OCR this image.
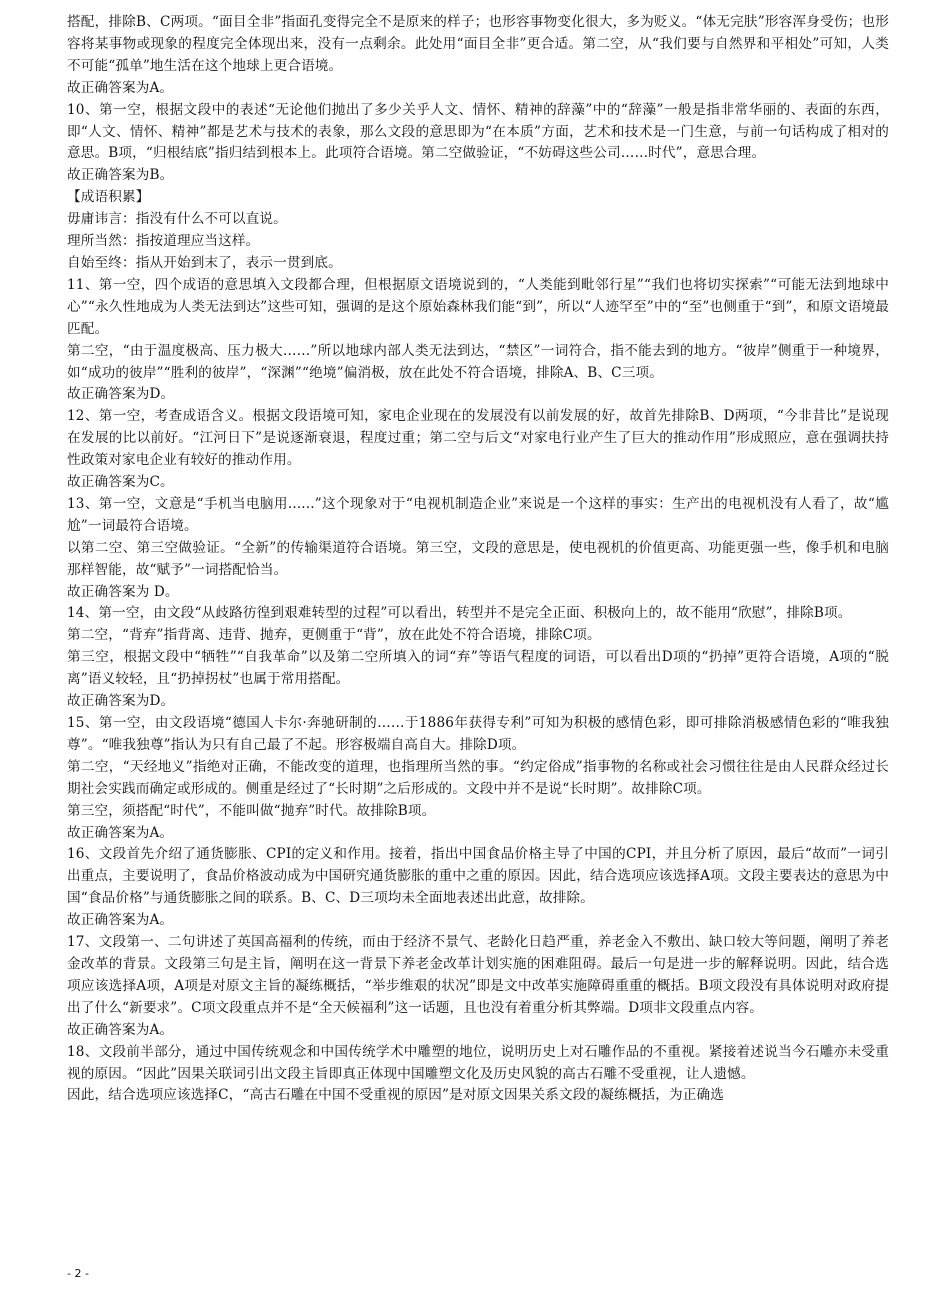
搭配，排除B、C两项。“面目全非”指面孔变得完全不是原来的样子；也形容事物变化很大，多为贬义。“体无完肤”形容浑身受伤；也形容将某事物或现象的程度完全体现出来，没有一点剩余。此处用“面目全非”更合适。第二空，从“我们要与自然界和平相处”可知，人类不可能“孤单”地生活在这个地球上更合语境。

故正确答案为A。

10、第一空，根据文段中的表述“无论他们抛出了多少关乎人文、情怀、精神的辞藻”中的“辞藻”一般是指非常华丽的、表面的东西，即“人文、情怀、精神”都是艺术与技术的表象，那么文段的意思即为“在本质”方面，艺术和技术是一门生意，与前一句话构成了相对的意思。B项，“归根结底”指归结到根本上。此项符合语境。第二空做验证，“不妨碍这些公司……时代”，意思合理。

故正确答案为B。

【成语积累】

毋庸讳言：指没有什么不可以直说。

理所当然：指按道理应当这样。

自始至终：指从开始到末了，表示一贯到底。

11、第一空，四个成语的意思填入文段都合理，但根据原文语境说到的，“人类能到毗邻行星”“我们也将切实探索”“可能无法到地球中心”“永久性地成为人类无法到达”这些可知，强调的是这个原始森林我们能“到”，所以“人迹罕至”中的“至”也侧重于“到”，和原文语境最匹配。

第二空，“由于温度极高、压力极大……”所以地球内部人类无法到达，“禁区”一词符合，指不能去到的地方。“彼岸”侧重于一种境界，如“成功的彼岸”“胜利的彼岸”，“深渊”“绝境”偏消极，放在此处不符合语境，排除A、B、C三项。

故正确答案为D。

12、第一空，考查成语含义。根据文段语境可知，家电企业现在的发展没有以前发展的好，故首先排除B、D两项，“今非昔比”是说现在发展的比以前好。“江河日下”是说逐渐衰退，程度过重；第二空与后文“对家电行业产生了巨大的推动作用”形成照应，意在强调扶持性政策对家电企业有较好的推动作用。

故正确答案为C。

13、第一空，文意是“手机当电脑用......”这个现象对于“电视机制造企业”来说是一个这样的事实：生产出的电视机没有人看了，故“尴尬”一词最符合语境。

以第二空、第三空做验证。“全新”的传输渠道符合语境。第三空，文段的意思是，使电视机的价值更高、功能更强一些，像手机和电脑那样智能，故“赋予”一词搭配恰当。

故正确答案为 D。

14、第一空，由文段“从歧路彷徨到艰难转型的过程”可以看出，转型并不是完全正面、积极向上的，故不能用“欣慰”，排除B项。

第二空，“背弃”指背离、违背、抛弃，更侧重于“背”，放在此处不符合语境，排除C项。

第三空，根据文段中“牺牲”“自我革命”以及第二空所填入的词“弃”等语气程度的词语，可以看出D项的“扔掉”更符合语境，A项的“脱离”语义较轻，且“扔掉拐杖”也属于常用搭配。

故正确答案为D。

15、第一空，由文段语境“德国人卡尔·奔驰研制的……于1886年获得专利”可知为积极的感情色彩，即可排除消极感情色彩的“唯我独尊”。“唯我独尊”指认为只有自己最了不起。形容极端自高自大。排除D项。

第二空，“天经地义”指绝对正确，不能改变的道理，也指理所当然的事。“约定俗成”指事物的名称或社会习惯往往是由人民群众经过长期社会实践而确定或形成的。侧重是经过了“长时期”之后形成的。文段中并不是说“长时期”。故排除C项。

第三空，须搭配“时代”，不能叫做“抛弃”时代。故排除B项。

故正确答案为A。

16、文段首先介绍了通货膨胀、CPI的定义和作用。接着，指出中国食品价格主导了中国的CPI，并且分析了原因，最后“故而”一词引出重点，主要说明了，食品价格波动成为中国研究通货膨胀的重中之重的原因。因此，结合选项应该选择A项。文段主要表达的意思为中国“食品价格”与通货膨胀之间的联系。B、C、D三项均未全面地表述出此意，故排除。

故正确答案为A。

17、文段第一、二句讲述了英国高福利的传统，而由于经济不景气、老龄化日趋严重，养老金入不敷出、缺口较大等问题，阐明了养老金改革的背景。文段第三句是主旨，阐明在这一背景下养老金改革计划实施的困难阻碍。最后一句是进一步的解释说明。因此，结合选项应该选择A项，A项是对原文主旨的凝练概括，“举步维艰的状况”即是文中改革实施障碍重重的概括。B项文段没有具体说明对政府提出了什么“新要求”。C项文段重点并不是“全天候福利”这一话题，且也没有着重分析其弊端。D项非文段重点内容。

故正确答案为A。

18、文段前半部分，通过中国传统观念和中国传统学术中雕塑的地位，说明历史上对石雕作品的不重视。紧接着述说当今石雕亦未受重视的原因。“因此”因果关联词引出文段主旨即真正体现中国雕塑文化及历史风貌的高古石雕不受重视，让人遗憾。

因此，结合选项应该选择C，“高古石雕在中国不受重视的原因”是对原文因果关系文段的凝练概括，为正确选

- 2 -
